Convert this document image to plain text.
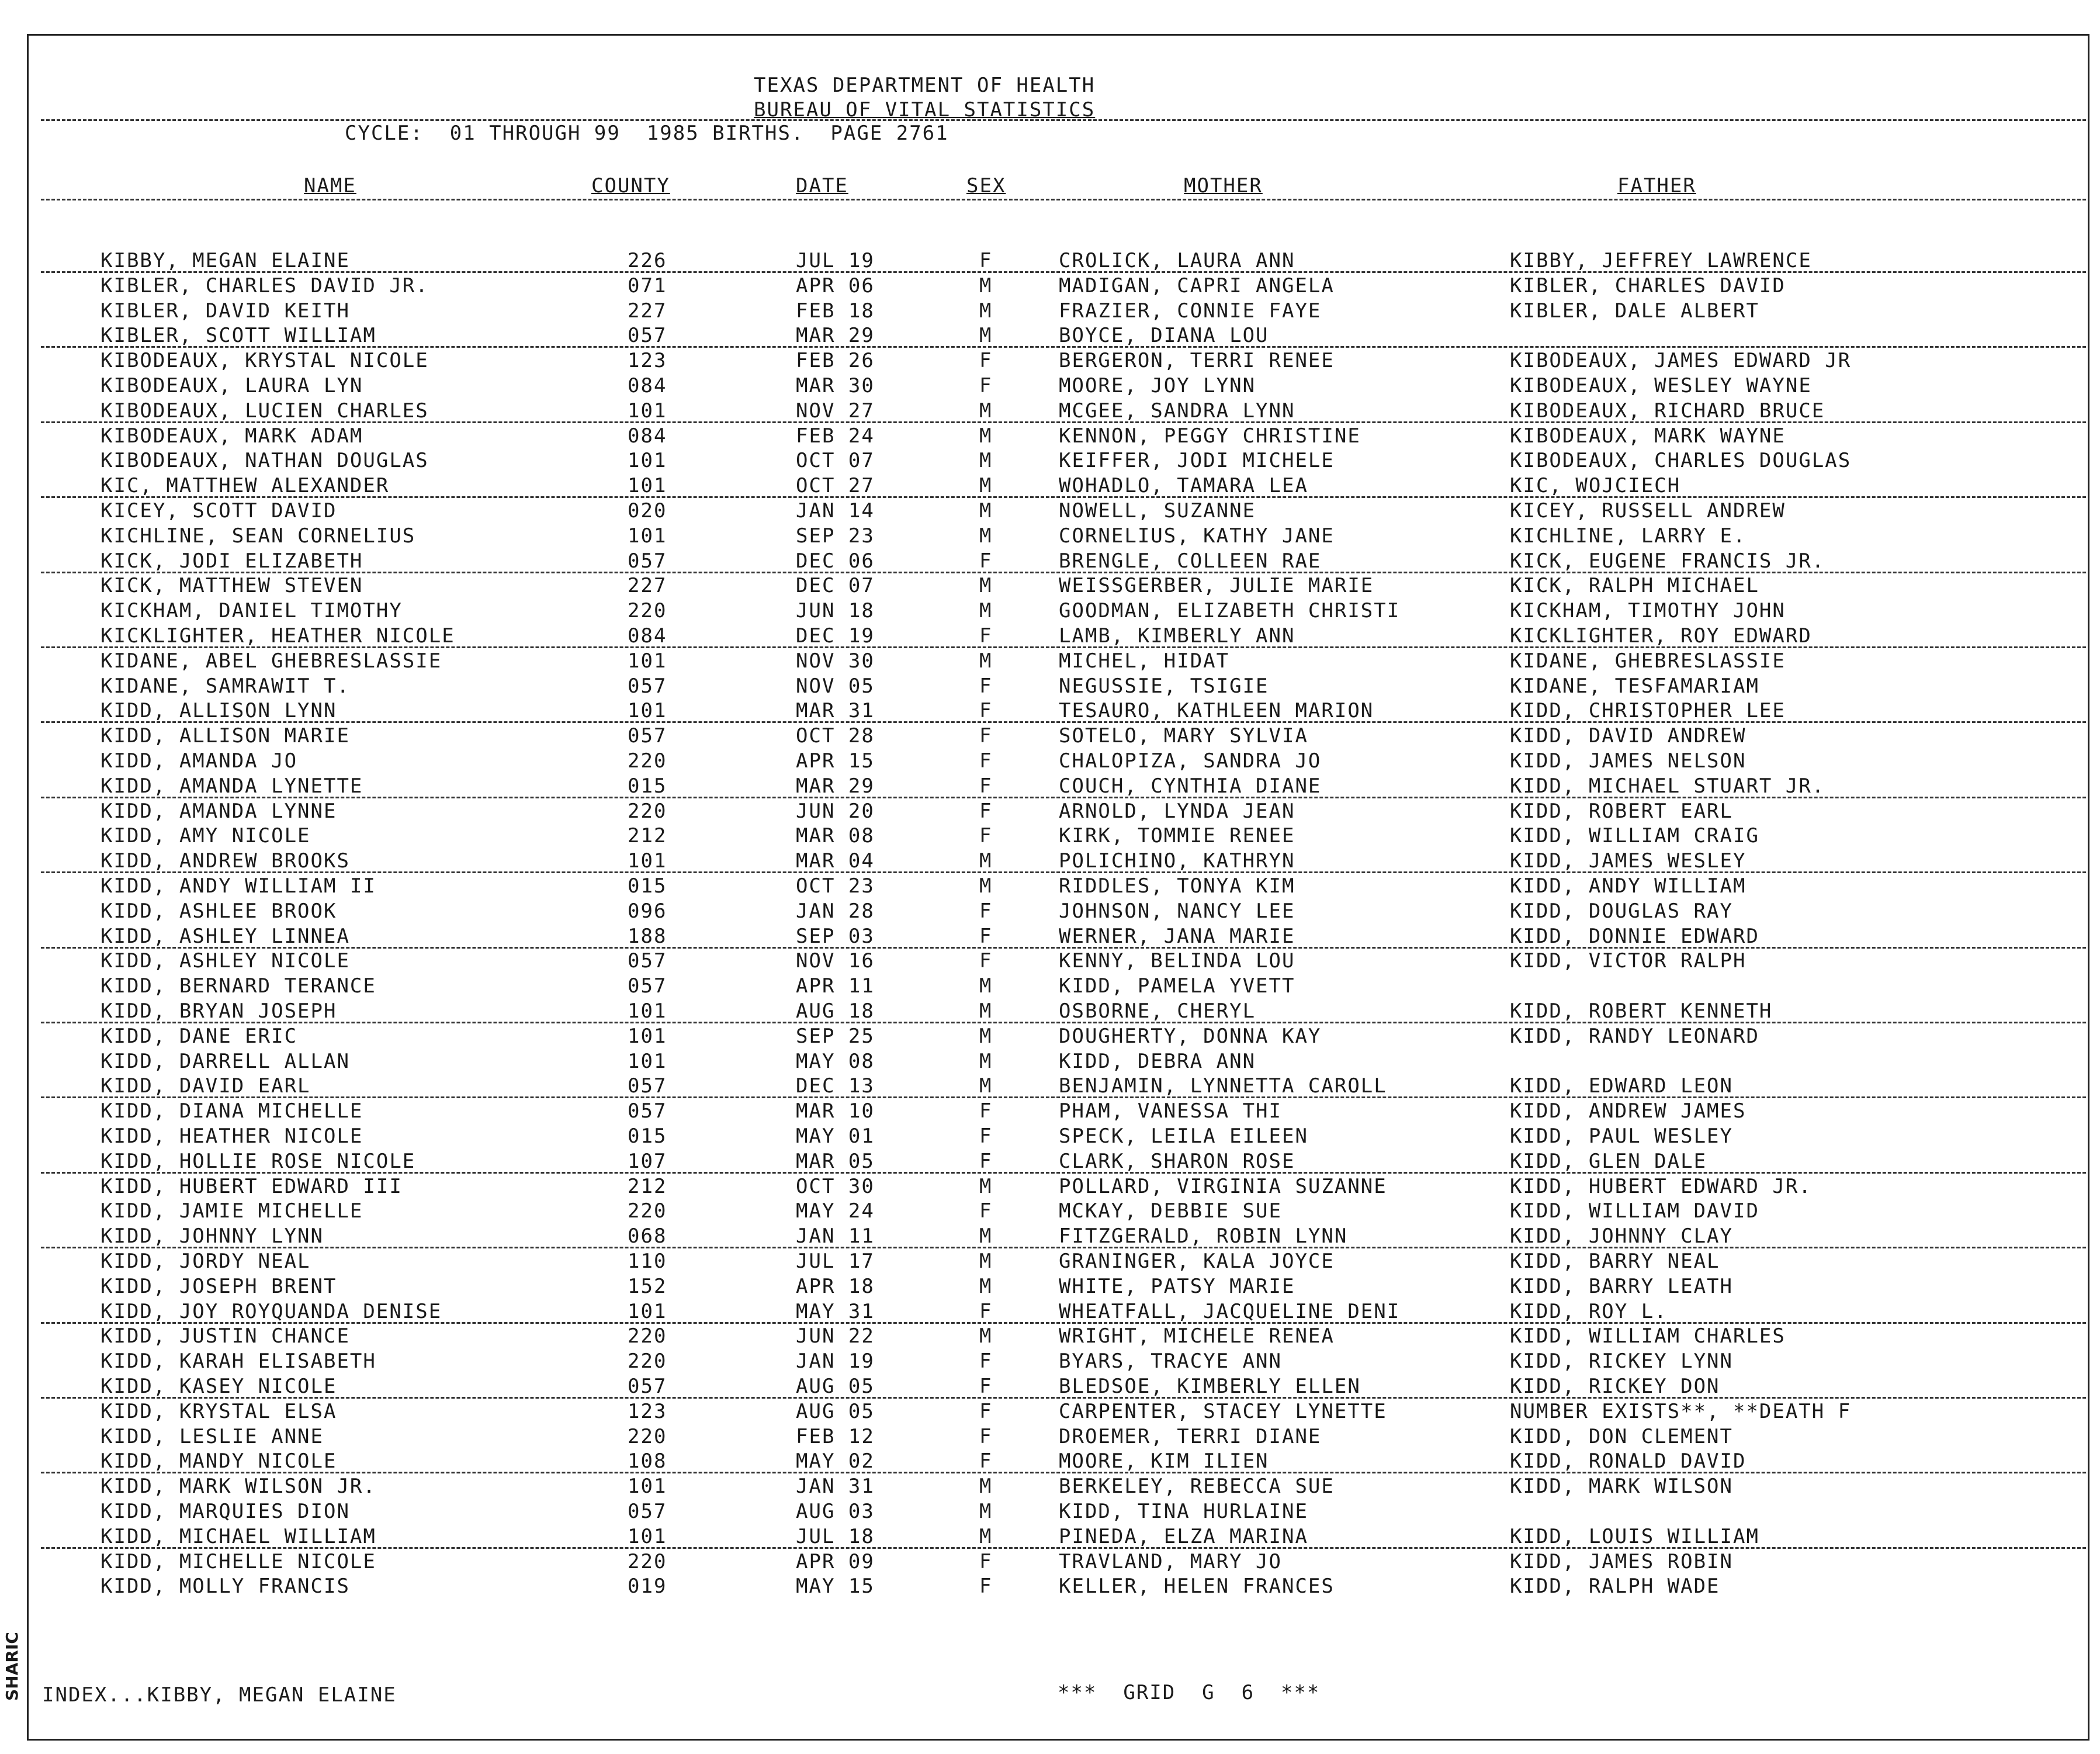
TEXAS DEPARTMENT OF HEALTH
BUREAU OF VITAL STATISTICS
CYCLE:  01 THROUGH 99  1985 BIRTHS.  PAGE 2761
NAME	COUNTY	DATE	SEX	MOTHER	FATHER
KIBBY, MEGAN ELAINE	226	JUL 19	F	CROLICK, LAURA ANN	KIBBY, JEFFREY LAWRENCE
KIBLER, CHARLES DAVID JR.	071	APR 06	M	MADIGAN, CAPRI ANGELA	KIBLER, CHARLES DAVID
KIBLER, DAVID KEITH	227	FEB 18	M	FRAZIER, CONNIE FAYE	KIBLER, DALE ALBERT
KIBLER, SCOTT WILLIAM	057	MAR 29	M	BOYCE, DIANA LOU
KIBODEAUX, KRYSTAL NICOLE	123	FEB 26	F	BERGERON, TERRI RENEE	KIBODEAUX, JAMES EDWARD JR
KIBODEAUX, LAURA LYN	084	MAR 30	F	MOORE, JOY LYNN	KIBODEAUX, WESLEY WAYNE
KIBODEAUX, LUCIEN CHARLES	101	NOV 27	M	MCGEE, SANDRA LYNN	KIBODEAUX, RICHARD BRUCE
KIBODEAUX, MARK ADAM	084	FEB 24	M	KENNON, PEGGY CHRISTINE	KIBODEAUX, MARK WAYNE
KIBODEAUX, NATHAN DOUGLAS	101	OCT 07	M	KEIFFER, JODI MICHELE	KIBODEAUX, CHARLES DOUGLAS
KIC, MATTHEW ALEXANDER	101	OCT 27	M	WOHADLO, TAMARA LEA	KIC, WOJCIECH
KICEY, SCOTT DAVID	020	JAN 14	M	NOWELL, SUZANNE	KICEY, RUSSELL ANDREW
KICHLINE, SEAN CORNELIUS	101	SEP 23	M	CORNELIUS, KATHY JANE	KICHLINE, LARRY E.
KICK, JODI ELIZABETH	057	DEC 06	F	BRENGLE, COLLEEN RAE	KICK, EUGENE FRANCIS JR.
KICK, MATTHEW STEVEN	227	DEC 07	M	WEISSGERBER, JULIE MARIE	KICK, RALPH MICHAEL
KICKHAM, DANIEL TIMOTHY	220	JUN 18	M	GOODMAN, ELIZABETH CHRISTI	KICKHAM, TIMOTHY JOHN
KICKLIGHTER, HEATHER NICOLE	084	DEC 19	F	LAMB, KIMBERLY ANN	KICKLIGHTER, ROY EDWARD
KIDANE, ABEL GHEBRESLASSIE	101	NOV 30	M	MICHEL, HIDAT	KIDANE, GHEBRESLASSIE
KIDANE, SAMRAWIT T.	057	NOV 05	F	NEGUSSIE, TSIGIE	KIDANE, TESFAMARIAM
KIDD, ALLISON LYNN	101	MAR 31	F	TESAURO, KATHLEEN MARION	KIDD, CHRISTOPHER LEE
KIDD, ALLISON MARIE	057	OCT 28	F	SOTELO, MARY SYLVIA	KIDD, DAVID ANDREW
KIDD, AMANDA JO	220	APR 15	F	CHALOPIZA, SANDRA JO	KIDD, JAMES NELSON
KIDD, AMANDA LYNETTE	015	MAR 29	F	COUCH, CYNTHIA DIANE	KIDD, MICHAEL STUART JR.
KIDD, AMANDA LYNNE	220	JUN 20	F	ARNOLD, LYNDA JEAN	KIDD, ROBERT EARL
KIDD, AMY NICOLE	212	MAR 08	F	KIRK, TOMMIE RENEE	KIDD, WILLIAM CRAIG
KIDD, ANDREW BROOKS	101	MAR 04	M	POLICHINO, KATHRYN	KIDD, JAMES WESLEY
KIDD, ANDY WILLIAM II	015	OCT 23	M	RIDDLES, TONYA KIM	KIDD, ANDY WILLIAM
KIDD, ASHLEE BROOK	096	JAN 28	F	JOHNSON, NANCY LEE	KIDD, DOUGLAS RAY
KIDD, ASHLEY LINNEA	188	SEP 03	F	WERNER, JANA MARIE	KIDD, DONNIE EDWARD
KIDD, ASHLEY NICOLE	057	NOV 16	F	KENNY, BELINDA LOU	KIDD, VICTOR RALPH
KIDD, BERNARD TERANCE	057	APR 11	M	KIDD, PAMELA YVETT
KIDD, BRYAN JOSEPH	101	AUG 18	M	OSBORNE, CHERYL	KIDD, ROBERT KENNETH
KIDD, DANE ERIC	101	SEP 25	M	DOUGHERTY, DONNA KAY	KIDD, RANDY LEONARD
KIDD, DARRELL ALLAN	101	MAY 08	M	KIDD, DEBRA ANN
KIDD, DAVID EARL	057	DEC 13	M	BENJAMIN, LYNNETTA CAROLL	KIDD, EDWARD LEON
KIDD, DIANA MICHELLE	057	MAR 10	F	PHAM, VANESSA THI	KIDD, ANDREW JAMES
KIDD, HEATHER NICOLE	015	MAY 01	F	SPECK, LEILA EILEEN	KIDD, PAUL WESLEY
KIDD, HOLLIE ROSE NICOLE	107	MAR 05	F	CLARK, SHARON ROSE	KIDD, GLEN DALE
KIDD, HUBERT EDWARD III	212	OCT 30	M	POLLARD, VIRGINIA SUZANNE	KIDD, HUBERT EDWARD JR.
KIDD, JAMIE MICHELLE	220	MAY 24	F	MCKAY, DEBBIE SUE	KIDD, WILLIAM DAVID
KIDD, JOHNNY LYNN	068	JAN 11	M	FITZGERALD, ROBIN LYNN	KIDD, JOHNNY CLAY
KIDD, JORDY NEAL	110	JUL 17	M	GRANINGER, KALA JOYCE	KIDD, BARRY NEAL
KIDD, JOSEPH BRENT	152	APR 18	M	WHITE, PATSY MARIE	KIDD, BARRY LEATH
KIDD, JOY ROYQUANDA DENISE	101	MAY 31	F	WHEATFALL, JACQUELINE DENI	KIDD, ROY L.
KIDD, JUSTIN CHANCE	220	JUN 22	M	WRIGHT, MICHELE RENEA	KIDD, WILLIAM CHARLES
KIDD, KARAH ELISABETH	220	JAN 19	F	BYARS, TRACYE ANN	KIDD, RICKEY LYNN
KIDD, KASEY NICOLE	057	AUG 05	F	BLEDSOE, KIMBERLY ELLEN	KIDD, RICKEY DON
KIDD, KRYSTAL ELSA	123	AUG 05	F	CARPENTER, STACEY LYNETTE	NUMBER EXISTS**, **DEATH F
KIDD, LESLIE ANNE	220	FEB 12	F	DROEMER, TERRI DIANE	KIDD, DON CLEMENT
KIDD, MANDY NICOLE	108	MAY 02	F	MOORE, KIM ILIEN	KIDD, RONALD DAVID
KIDD, MARK WILSON JR.	101	JAN 31	M	BERKELEY, REBECCA SUE	KIDD, MARK WILSON
KIDD, MARQUIES DION	057	AUG 03	M	KIDD, TINA HURLAINE
KIDD, MICHAEL WILLIAM	101	JUL 18	M	PINEDA, ELZA MARINA	KIDD, LOUIS WILLIAM
KIDD, MICHELLE NICOLE	220	APR 09	F	TRAVLAND, MARY JO	KIDD, JAMES ROBIN
KIDD, MOLLY FRANCIS	019	MAY 15	F	KELLER, HELEN FRANCES	KIDD, RALPH WADE
INDEX...KIBBY, MEGAN ELAINE	***  GRID  G  6  ***
SHARIC
